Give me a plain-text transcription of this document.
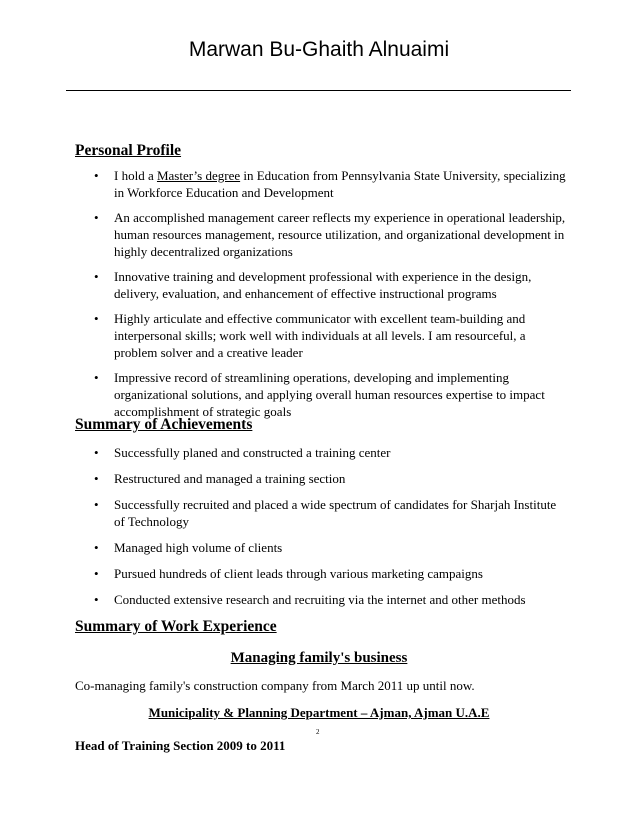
Marwan Bu-Ghaith Alnuaimi
Personal Profile
• I hold a Master’s degree in Education from Pennsylvania State University, specializing in Workforce Education and Development
• An accomplished management career reflects my experience in operational leadership, human resources management, resource utilization, and organizational development in highly decentralized organizations
• Innovative training and development professional with experience in the design, delivery, evaluation, and enhancement of effective instructional programs
• Highly articulate and effective communicator with excellent team-building and interpersonal skills; work well with individuals at all levels. I am resourceful, a problem solver and a creative leader
• Impressive record of streamlining operations, developing and implementing organizational solutions, and applying overall human resources expertise to impact accomplishment of strategic goals
Summary of Achievements
• Successfully planed and constructed a training center
• Restructured and managed a training section
• Successfully recruited and placed a wide spectrum of candidates for Sharjah Institute of Technology
• Managed high volume of clients
• Pursued hundreds of client leads through various marketing campaigns
• Conducted extensive research and recruiting via the internet and other methods
Summary of Work Experience
Managing family's business
Co-managing family's construction company from March 2011 up until now.
Municipality & Planning Department – Ajman, Ajman U.A.E
2
Head of Training Section 2009 to 2011
